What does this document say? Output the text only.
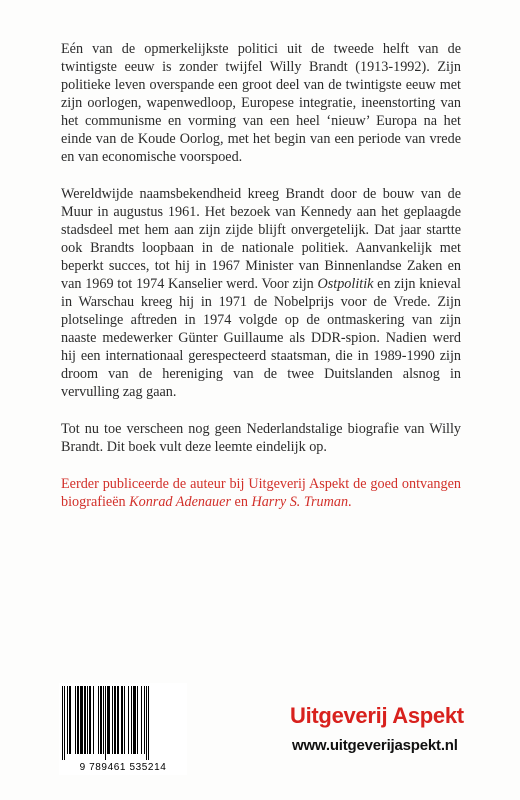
Eén van de opmerkelijkste politici uit de tweede helft van de twintigste eeuw is zonder twijfel Willy Brandt (1913-1992). Zijn politieke leven overspande een groot deel van de twintigste eeuw met zijn oorlogen, wapenwedloop, Europese integratie, ineenstorting van het communisme en vorming van een heel ‘nieuw’ Europa na het einde van de Koude Oorlog, met het begin van een periode van vrede en van economische voorspoed.

Wereldwijde naamsbekendheid kreeg Brandt door de bouw van de Muur in augustus 1961. Het bezoek van Kennedy aan het geplaagde stadsdeel met hem aan zijn zijde blijft onvergetelijk. Dat jaar startte ook Brandts loopbaan in de nationale politiek. Aanvankelijk met beperkt succes, tot hij in 1967 Minister van Binnenlandse Zaken en van 1969 tot 1974 Kanselier werd. Voor zijn Ostpolitik en zijn knieval in Warschau kreeg hij in 1971 de Nobelprijs voor de Vrede. Zijn plotselinge aftreden in 1974 volgde op de ontmaskering van zijn naaste medewerker Günter Guillaume als DDR-spion. Nadien werd hij een internationaal gerespecteerd staatsman, die in 1989-1990 zijn droom van de hereniging van de twee Duitslanden alsnog in vervulling zag gaan.

Tot nu toe verscheen nog geen Nederlandstalige biografie van Willy Brandt. Dit boek vult deze leemte eindelijk op.

Eerder publiceerde de auteur bij Uitgeverij Aspekt de goed ontvangen biografieën Konrad Adenauer en Harry S. Truman.

9 789461 535214
Uitgeverij Aspekt
www.uitgeverijaspekt.nl
